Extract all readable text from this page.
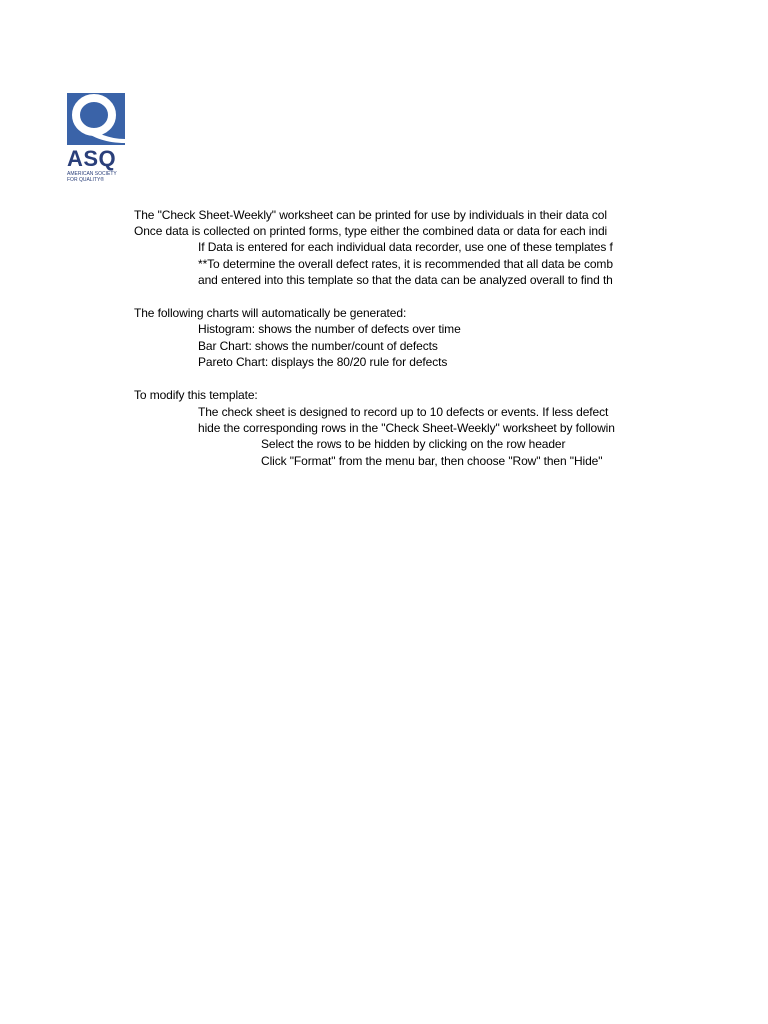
ASQ
AMERICAN SOCIETY
FOR QUALITY®
The "Check Sheet-Weekly" worksheet can be printed for use by individuals in their data col
Once data is collected on printed forms, type either the combined data or data for each indi
If Data is entered for each individual data recorder, use one of these templates f
**To determine the overall defect rates, it is recommended that all data be comb
and entered into this template so that the data can be analyzed overall to find th
The following charts will automatically be generated:
Histogram: shows the number of defects over time
Bar Chart: shows the number/count of defects
Pareto Chart: displays the 80/20 rule for defects
To modify this template:
The check sheet is designed to record up to 10 defects or events. If less defect
hide the corresponding rows in the "Check Sheet-Weekly" worksheet by followin
Select the rows to be hidden by clicking on the row header
Click "Format" from the menu bar, then choose "Row" then "Hide"
